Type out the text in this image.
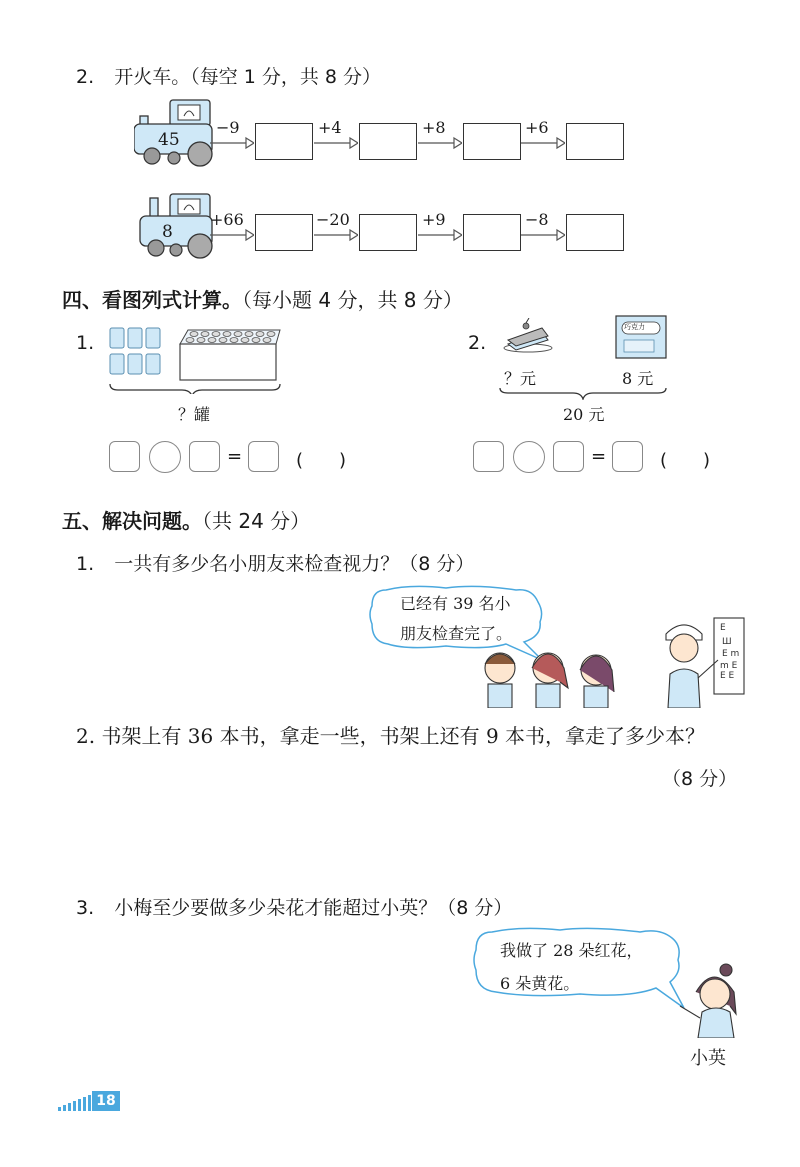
2. 开火车。（每空 1 分，共 8 分）
45
−9	+4	+8	+6
8
+66	−20	+9	−8
四、看图列式计算。（每小题 4 分，共 8 分）
1.
？罐
=	(　　)
2.
巧克力
？元	8 元
20 元
=	(　　)
五、解决问题。（共 24 分）
1. 一共有多少名小朋友来检查视力？（8 分）
已经有 39 名小
朋友检查完了。	E
Ш
E m
m E
E E
2. 书架上有 36 本书，拿走一些，书架上还有 9 本书，拿走了多少本？
（8 分）
3. 小梅至少要做多少朵花才能超过小英？（8 分）
我做了 28 朵红花，
6 朵黄花。
小英
18
